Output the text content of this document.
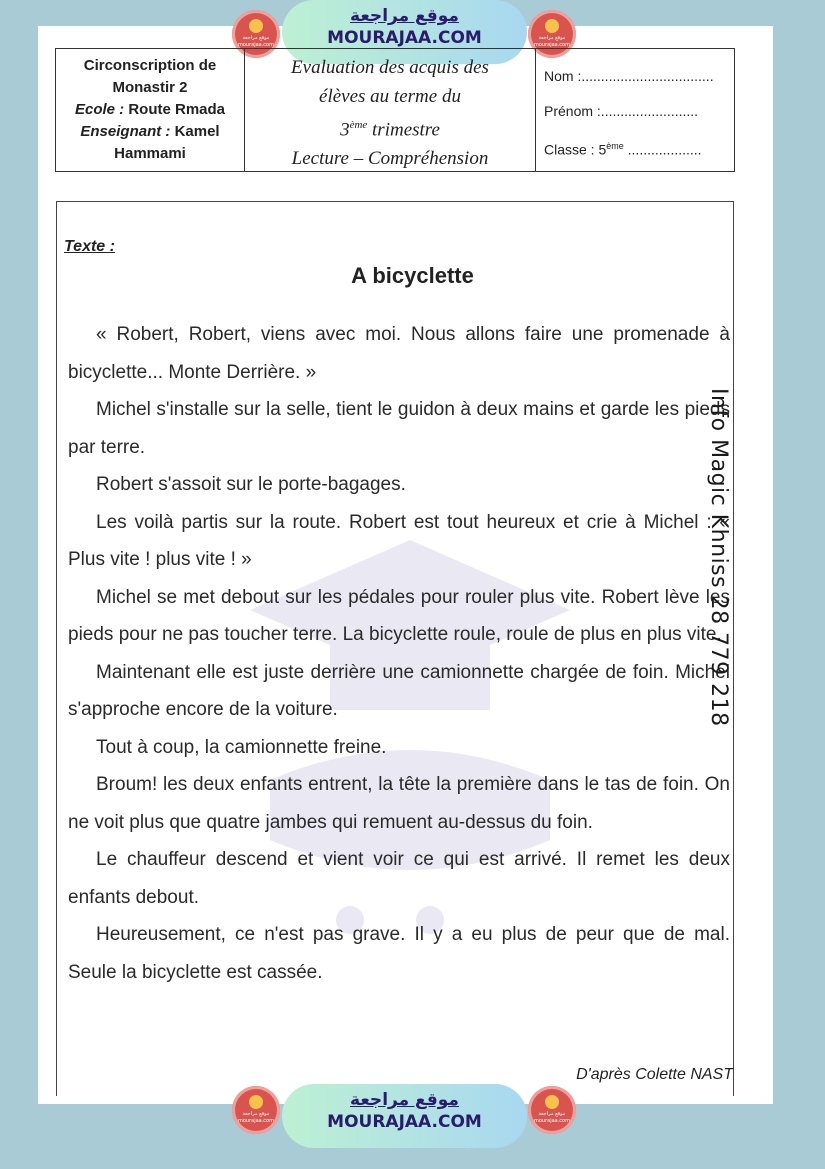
موقع مراجعة
mourajaa.com
موقع مراجعة
MOURAJAA.COM	موقع مراجعة
mourajaa.com
Circonscription de
Monastir 2
Ecole : Route Rmada
Enseignant : Kamel
Hammami
Evaluation des acquis des
élèves au terme du
3ème trimestre
Lecture – Compréhension
Nom :..................................
Prénom :.........................
Classe : 5ème ...................
Texte :
A bicyclette

« Robert, Robert, viens avec moi. Nous allons faire une promenade à bicyclette... Monte Derrière. »

Michel s'installe sur la selle, tient le guidon à deux mains et garde les pieds par terre.

Robert s'assoit sur le porte-bagages.

Les voilà partis sur la route. Robert est tout heureux et crie à Michel : « Plus vite ! plus vite ! »

Michel se met debout sur les pédales pour rouler plus vite. Robert lève les pieds pour ne pas toucher terre. La bicyclette roule, roule de plus en plus vite.

Maintenant elle est juste derrière une camionnette chargée de foin. Michel s'approche encore de la voiture.

Tout à coup, la camionnette freine.

Broum! les deux enfants entrent, la tête la première dans le tas de foin. On ne voit plus que quatre jambes qui remuent au-dessus du foin.

Le chauffeur descend et vient voir ce qui est arrivé. Il remet les deux enfants debout.

Heureusement, ce n'est pas grave. Il y a eu plus de peur que de mal. Seule la bicyclette est cassée.

D'après Colette NAST
Info Magic Khniss 28 779 218
موقع مراجعة
mourajaa.com
موقع مراجعة
MOURAJAA.COM	موقع مراجعة
mourajaa.com
